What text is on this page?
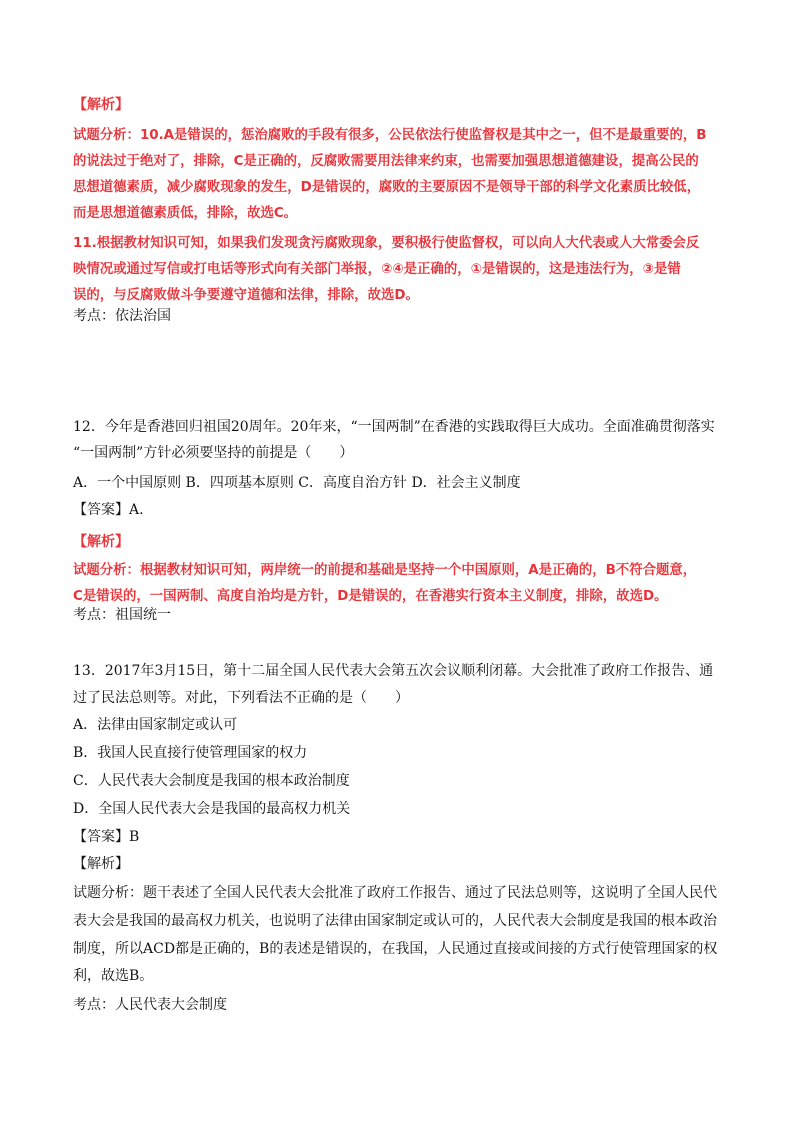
【解析】

试题分析：10.A是错误的，惩治腐败的手段有很多，公民依法行使监督权是其中之一，但不是最重要的，B

的说法过于绝对了，排除，C是正确的，反腐败需要用法律来约束，也需要加强思想道德建设，提高公民的

思想道德素质，减少腐败现象的发生，D是错误的，腐败的主要原因不是领导干部的科学文化素质比较低，

而是思想道德素质低，排除，故选C。

11.根据教材知识可知，如果我们发现贪污腐败现象，要积极行使监督权，可以向人大代表或人大常委会反

映情况或通过写信或打电话等形式向有关部门举报，②④是正确的，①是错误的，这是违法行为，③是错

误的，与反腐败做斗争要遵守道德和法律，排除，故选D。

考点：依法治国

12．今年是香港回归祖国20周年。20年来，“一国两制”在香港的实践取得巨大成功。全面准确贯彻落实

“一国两制”方针必须要坚持的前提是（　　）

A．一个中国原则 B．四项基本原则 C．高度自治方针 D．社会主义制度

【答案】A.

【解析】

试题分析：根据教材知识可知，两岸统一的前提和基础是坚持一个中国原则，A是正确的，B不符合题意，

C是错误的，一国两制、高度自治均是方针，D是错误的，在香港实行资本主义制度，排除，故选D。

考点：祖国统一

13．2017年3月15日，第十二届全国人民代表大会第五次会议顺利闭幕。大会批准了政府工作报告、通

过了民法总则等。对此，下列看法不正确的是（　　）

A．法律由国家制定或认可

B．我国人民直接行使管理国家的权力

C．人民代表大会制度是我国的根本政治制度

D．全国人民代表大会是我国的最高权力机关

【答案】B

【解析】

试题分析：题干表述了全国人民代表大会批准了政府工作报告、通过了民法总则等，这说明了全国人民代

表大会是我国的最高权力机关，也说明了法律由国家制定或认可的，人民代表大会制度是我国的根本政治

制度，所以ACD都是正确的，B的表述是错误的，在我国，人民通过直接或间接的方式行使管理国家的权

利，故选B。

考点：人民代表大会制度
